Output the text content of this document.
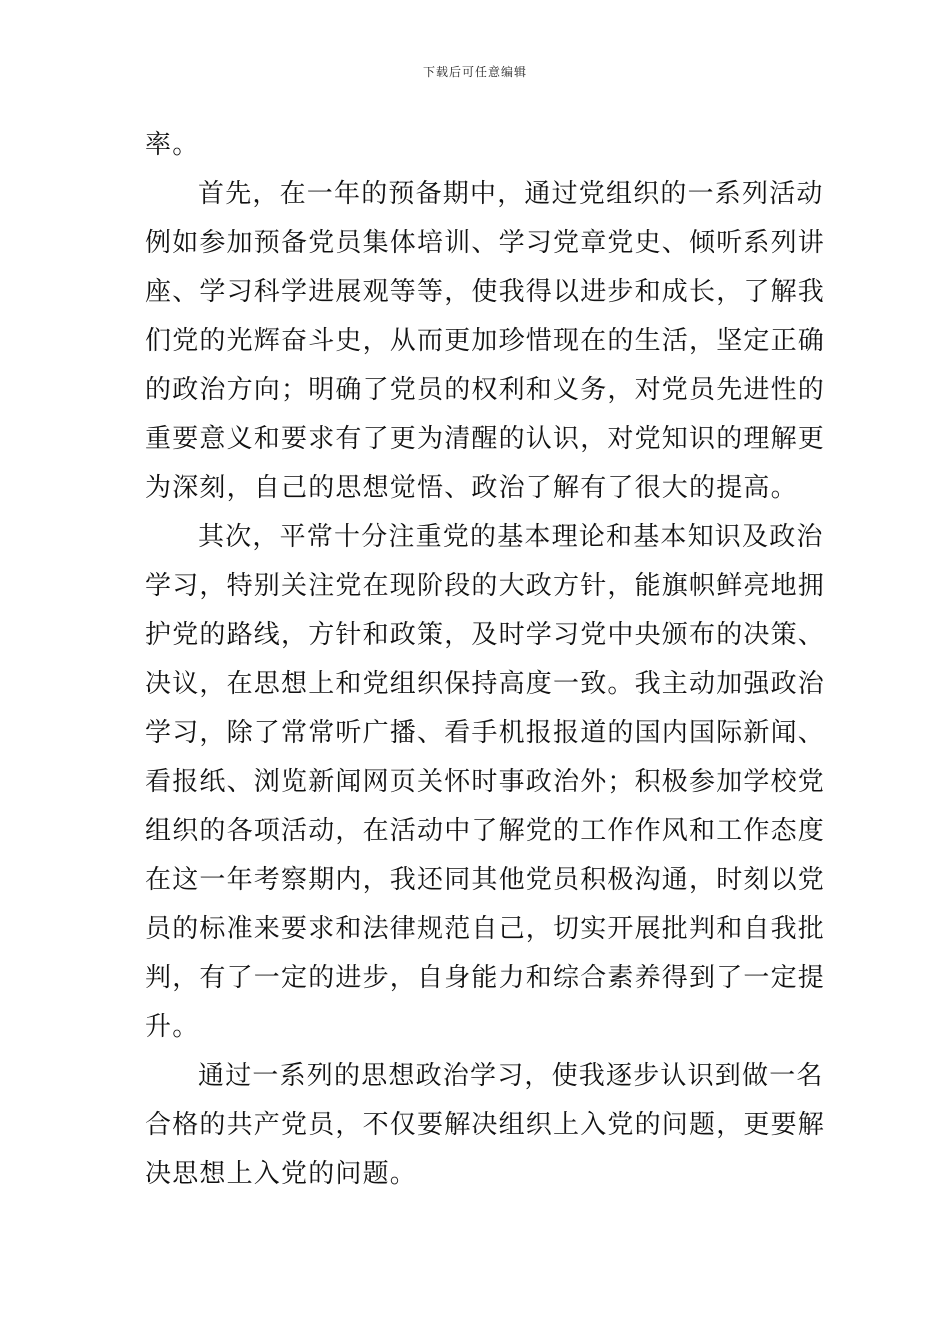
下载后可任意编辑
率。
首先，在一年的预备期中，通过党组织的一系列活动
例如参加预备党员集体培训、学习党章党史、倾听系列讲
座、学习科学进展观等等，使我得以进步和成长，了解我
们党的光辉奋斗史，从而更加珍惜现在的生活，坚定正确
的政治方向；明确了党员的权利和义务，对党员先进性的
重要意义和要求有了更为清醒的认识，对党知识的理解更
为深刻，自己的思想觉悟、政治了解有了很大的提高。
其次，平常十分注重党的基本理论和基本知识及政治
学习，特别关注党在现阶段的大政方针，能旗帜鲜亮地拥
护党的路线，方针和政策，及时学习党中央颁布的决策、
决议，在思想上和党组织保持高度一致。我主动加强政治
学习，除了常常听广播、看手机报报道的国内国际新闻、
看报纸、浏览新闻网页关怀时事政治外；积极参加学校党
组织的各项活动，在活动中了解党的工作作风和工作态度
在这一年考察期内，我还同其他党员积极沟通，时刻以党
员的标准来要求和法律规范自己，切实开展批判和自我批
判，有了一定的进步，自身能力和综合素养得到了一定提
升。
通过一系列的思想政治学习，使我逐步认识到做一名
合格的共产党员，不仅要解决组织上入党的问题，更要解
决思想上入党的问题。
